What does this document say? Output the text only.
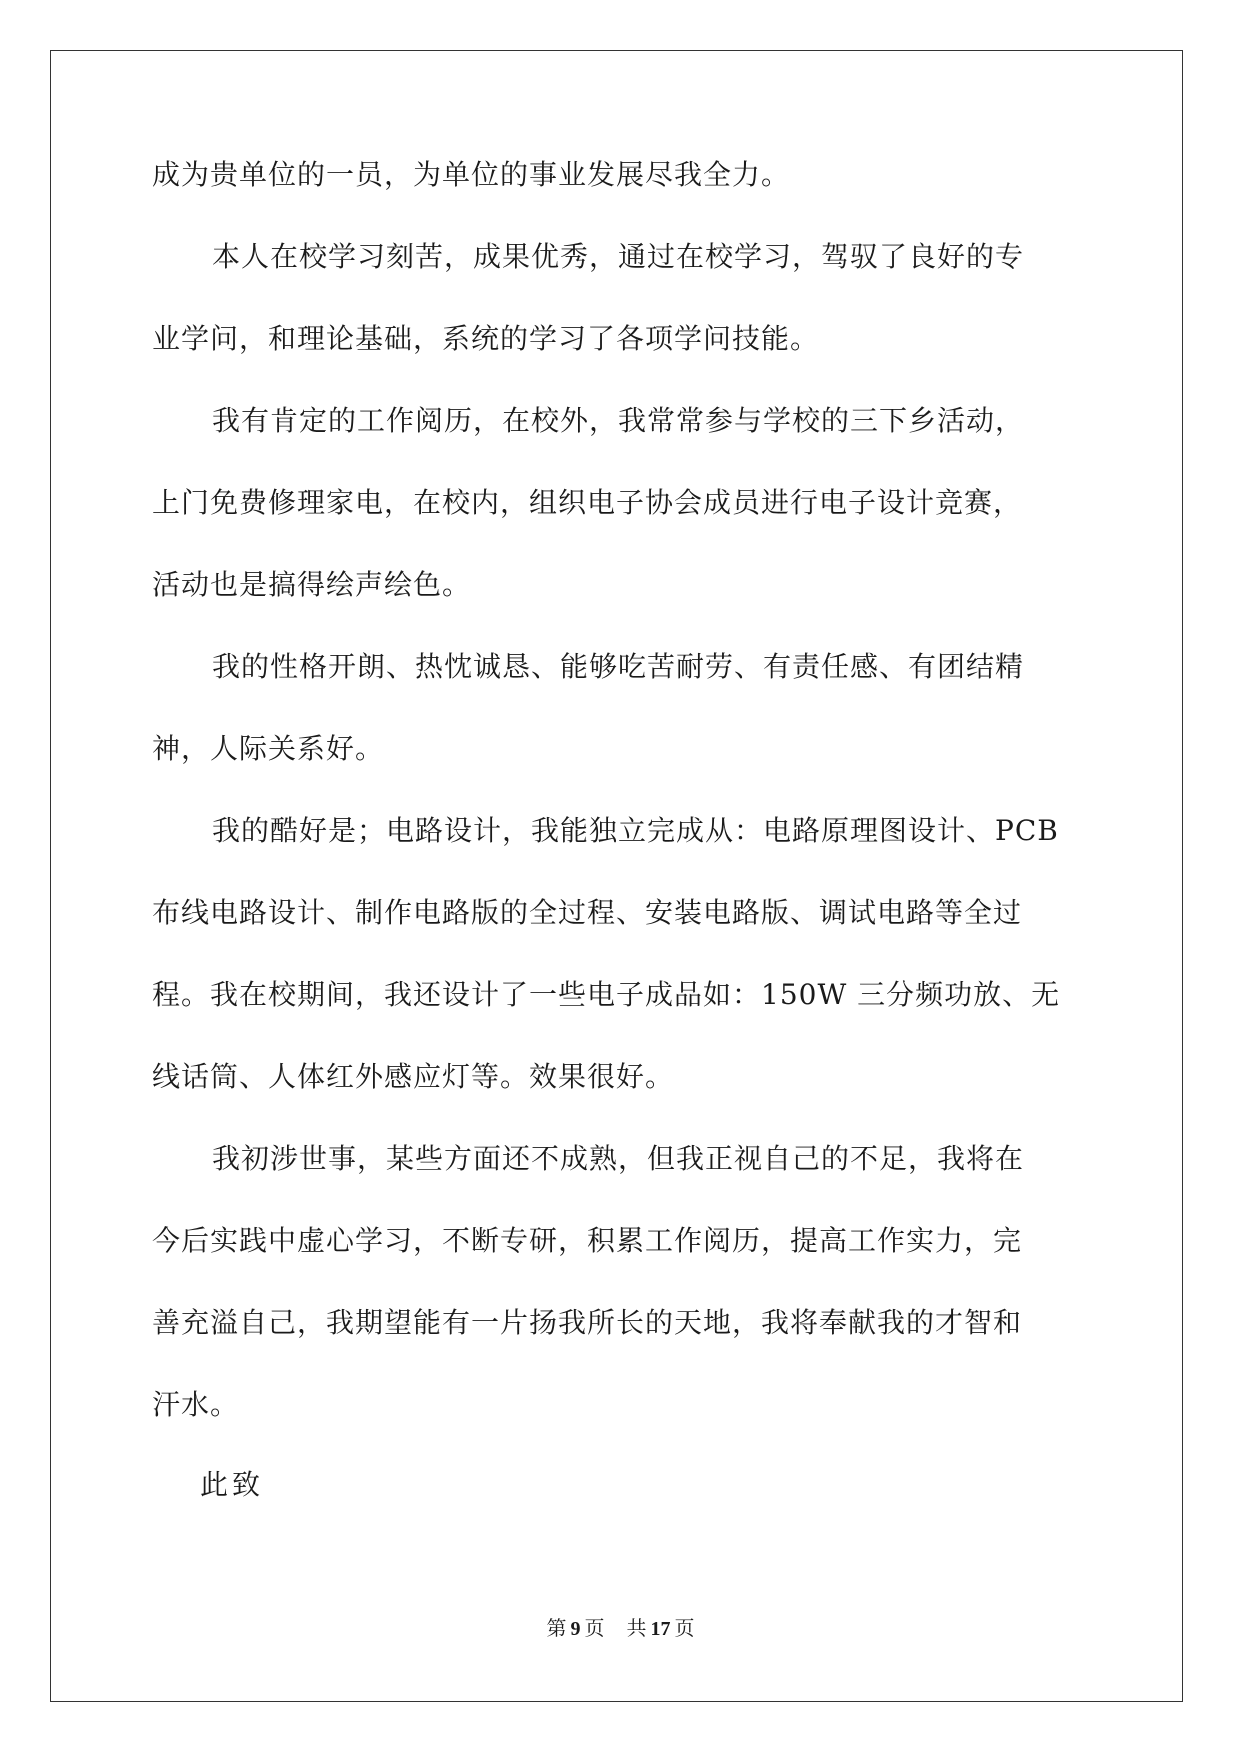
成为贵单位的一员，为单位的事业发展尽我全力。
本人在校学习刻苦，成果优秀，通过在校学习，驾驭了良好的专
业学问，和理论基础，系统的学习了各项学问技能。
我有肯定的工作阅历，在校外，我常常参与学校的三下乡活动，
上门免费修理家电，在校内，组织电子协会成员进行电子设计竞赛，
活动也是搞得绘声绘色。
我的性格开朗、热忱诚恳、能够吃苦耐劳、有责任感、有团结精
神，人际关系好。
我的酷好是；电路设计，我能独立完成从：电路原理图设计、PCB
布线电路设计、制作电路版的全过程、安装电路版、调试电路等全过
程。我在校期间，我还设计了一些电子成品如：150W 三分频功放、无
线话筒、人体红外感应灯等。效果很好。
我初涉世事，某些方面还不成熟，但我正视自己的不足，我将在
今后实践中虚心学习，不断专研，积累工作阅历，提高工作实力，完
善充溢自己，我期望能有一片扬我所长的天地，我将奉献我的才智和
汗水。
此致
第 9 页 共 17 页
